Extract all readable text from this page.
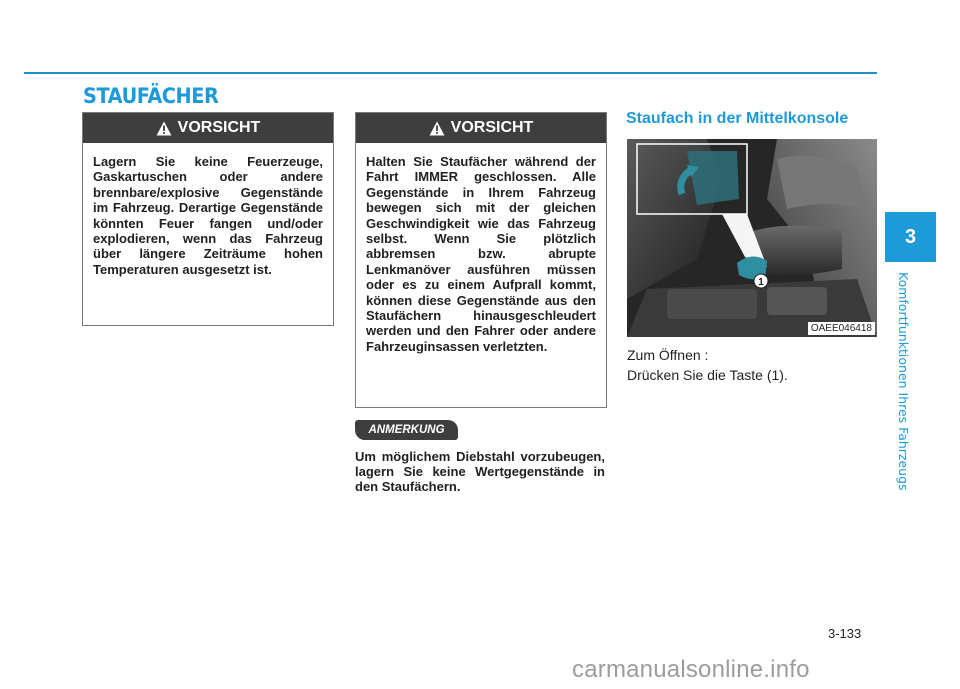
STAUFÄCHER
VORSICHT
Lagern Sie keine Feuerzeuge, Gaskartuschen oder andere brennbare/explosive Gegenstände im Fahrzeug. Derartige Gegenstände könnten Feuer fangen und/oder explodieren, wenn das Fahrzeug über längere Zeiträume hohen Temperaturen ausgesetzt ist.
VORSICHT
Halten Sie Staufächer während der Fahrt IMMER geschlossen. Alle Gegenstände in Ihrem Fahrzeug bewegen sich mit der gleichen Geschwindigkeit wie das Fahrzeug selbst. Wenn Sie plötzlich abbremsen bzw. abrupte Lenkmanöver ausführen müssen oder es zu einem Aufprall kommt, können diese Gegenstände aus den Staufächern hinausgeschleudert werden und den Fahrer oder andere Fahrzeuginsassen verletzten.
ANMERKUNG
Um möglichem Diebstahl vorzubeugen, lagern Sie keine Wertgegenstände in den Staufächern.
Staufach in der Mittelkonsole
1
OAEE046418
Zum Öffnen :
Drücken Sie die Taste (1).
3
Komfortfunktionen Ihres Fahrzeugs
3-133
carmanualsonline.info
